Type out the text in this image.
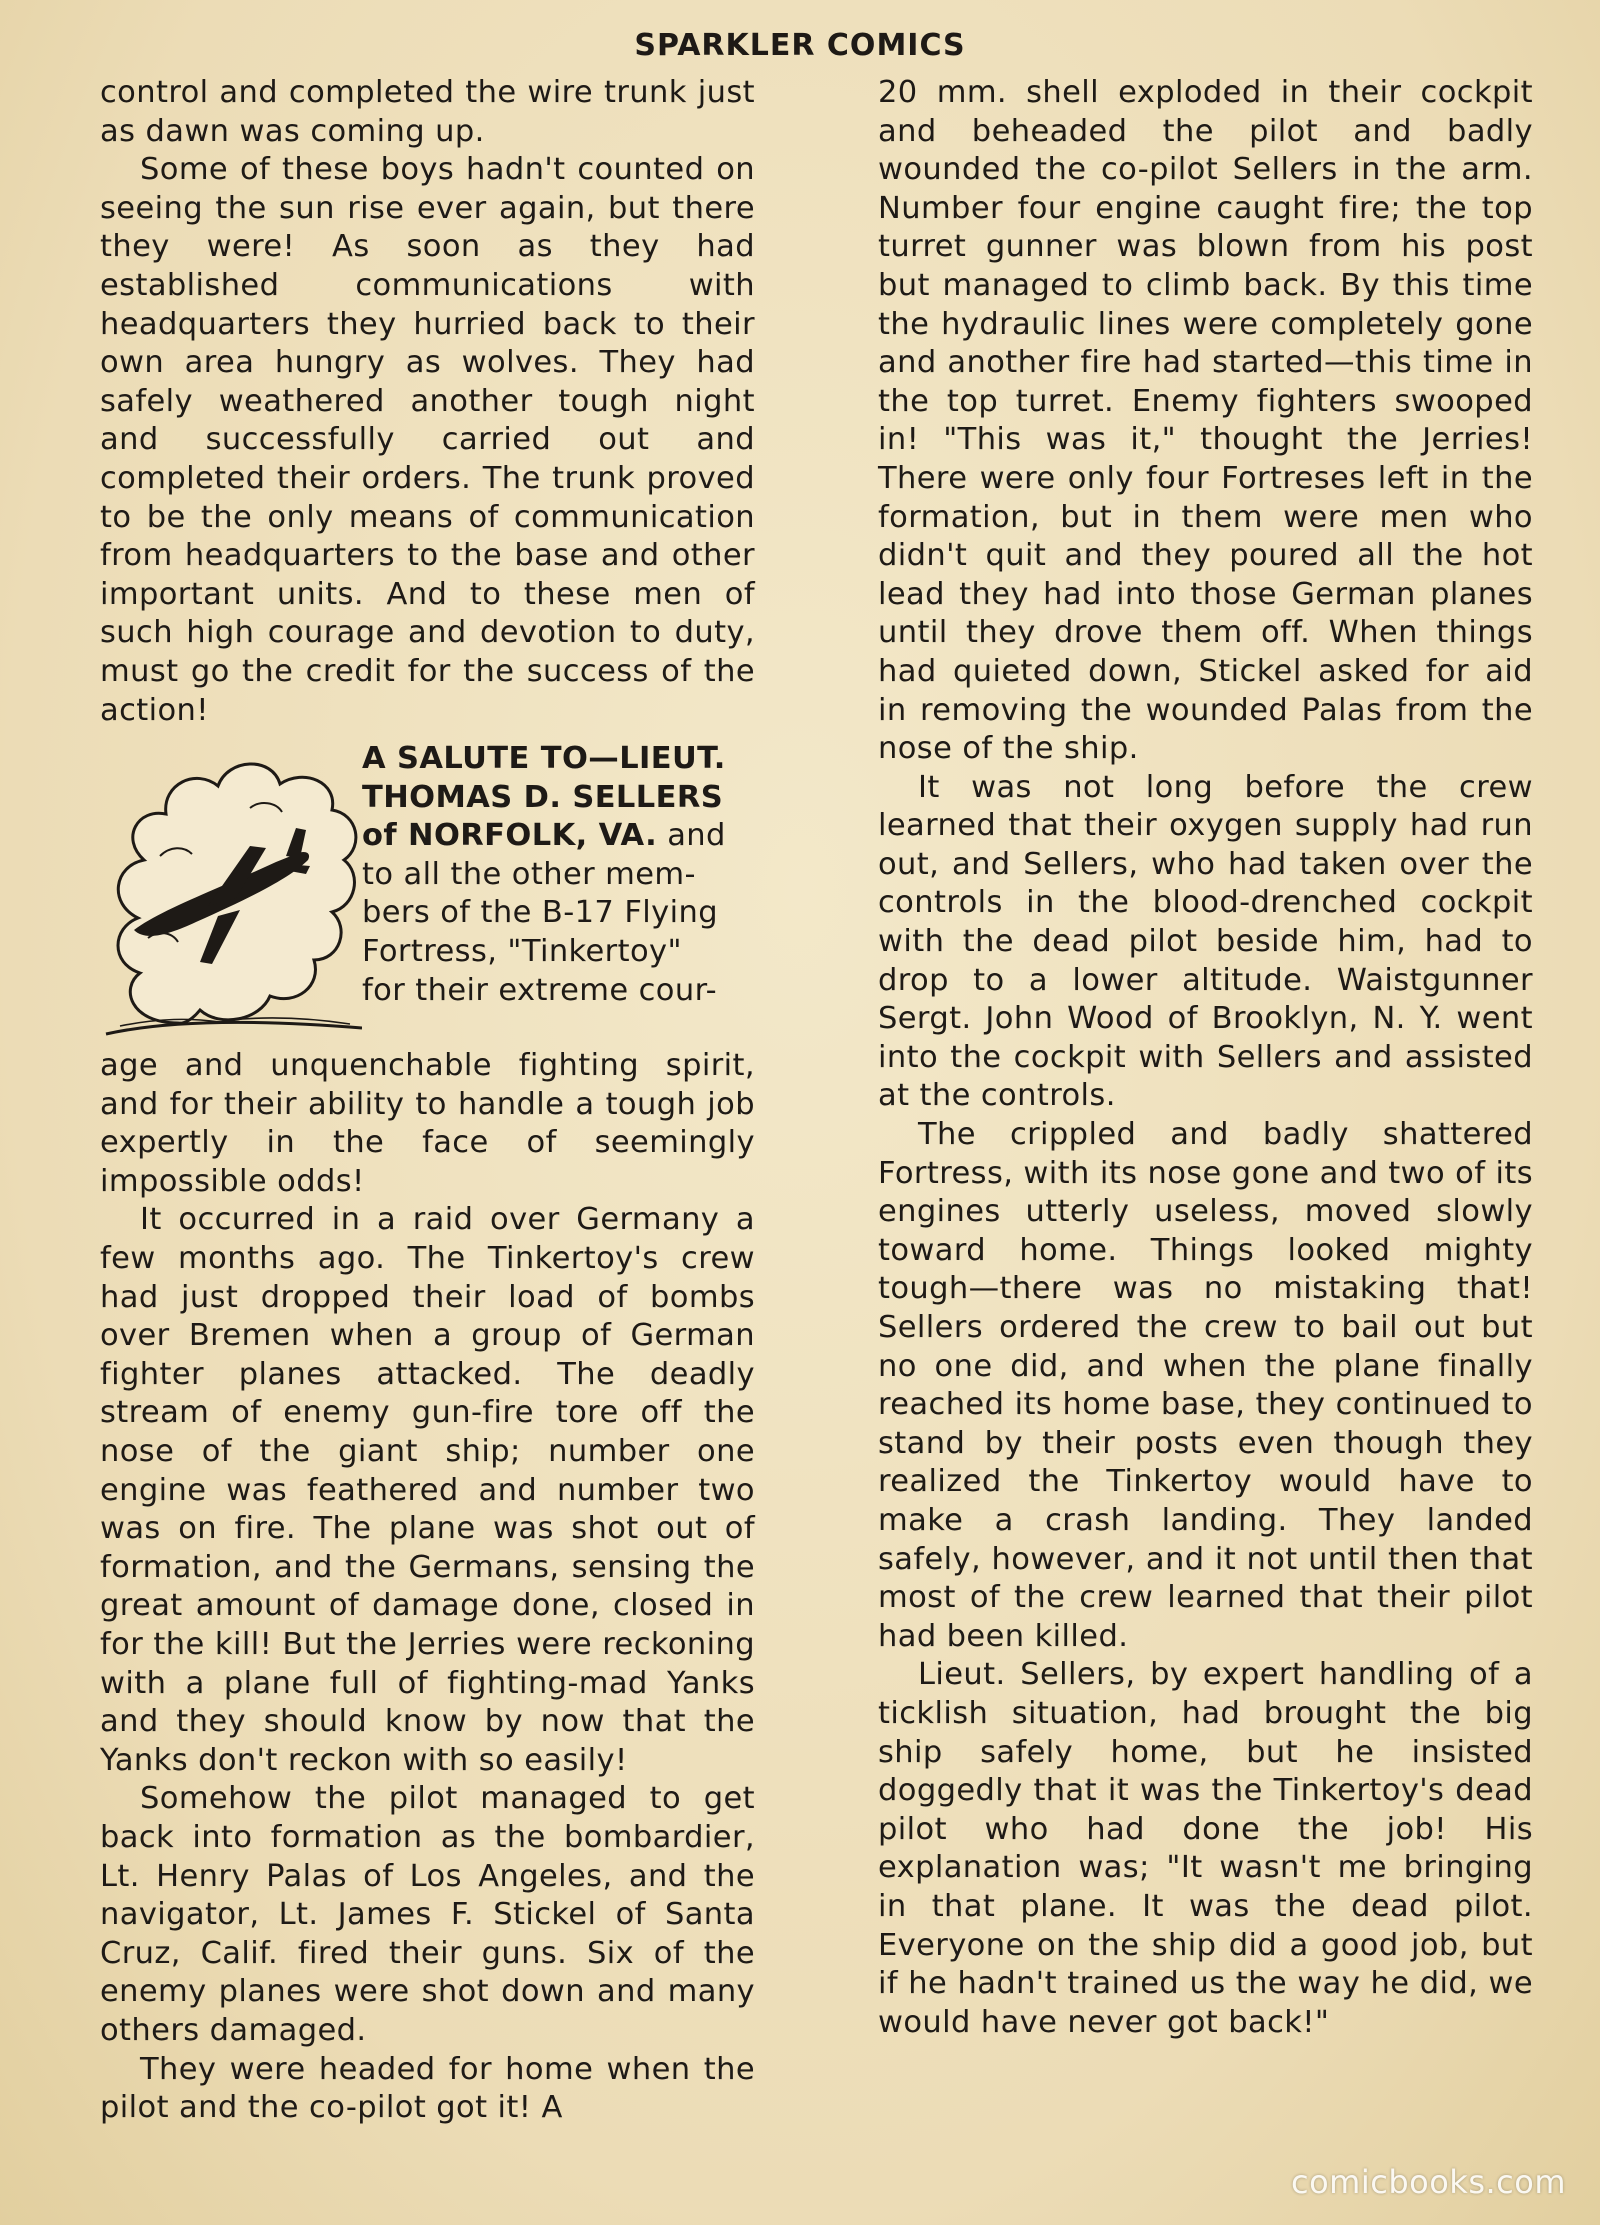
SPARKLER COMICS

control and completed the wire trunk just as dawn was coming up.

Some of these boys hadn't counted on seeing the sun rise ever again, but there they were! As soon as they had established communications with headquarters they hurried back to their own area hungry as wolves. They had safely weathered another tough night and successfully carried out and completed their orders. The trunk proved to be the only means of communication from headquarters to the base and other important units. And to these men of such high courage and devotion to duty, must go the credit for the success of the action!

A SALUTE TO—LIEUT.
THOMAS D. SELLERS
of NORFOLK, VA. and
to all the other mem-
bers of the B-17 Flying
Fortress, "Tinkertoy"
for their extreme cour-

age and unquenchable fighting spirit, and for their ability to handle a tough job expertly in the face of seemingly impossible odds!

It occurred in a raid over Germany a few months ago. The Tinkertoy's crew had just dropped their load of bombs over Bremen when a group of German fighter planes attacked. The deadly stream of enemy gun-fire tore off the nose of the giant ship; number one engine was feathered and number two was on fire. The plane was shot out of formation, and the Germans, sensing the great amount of damage done, closed in for the kill! But the Jerries were reckoning with a plane full of fighting-mad Yanks and they should know by now that the Yanks don't reckon with so easily!

Somehow the pilot managed to get back into formation as the bombardier, Lt. Henry Palas of Los Angeles, and the navigator, Lt. James F. Stickel of Santa Cruz, Calif. fired their guns. Six of the enemy planes were shot down and many others damaged.

They were headed for home when the pilot and the co-pilot got it! A

20 mm. shell exploded in their cockpit and beheaded the pilot and badly wounded the co-pilot Sellers in the arm. Number four engine caught fire; the top turret gunner was blown from his post but managed to climb back. By this time the hydraulic lines were completely gone and another fire had started—this time in the top turret. Enemy fighters swooped in! "This was it," thought the Jerries! There were only four Fortreses left in the formation, but in them were men who didn't quit and they poured all the hot lead they had into those German planes until they drove them off. When things had quieted down, Stickel asked for aid in removing the wounded Palas from the nose of the ship.

It was not long before the crew learned that their oxygen supply had run out, and Sellers, who had taken over the controls in the blood-drenched cockpit with the dead pilot beside him, had to drop to a lower altitude. Waistgunner Sergt. John Wood of Brooklyn, N. Y. went into the cockpit with Sellers and assisted at the controls.

The crippled and badly shattered Fortress, with its nose gone and two of its engines utterly useless, moved slowly toward home. Things looked mighty tough—there was no mistaking that! Sellers ordered the crew to bail out but no one did, and when the plane finally reached its home base, they continued to stand by their posts even though they realized the Tinkertoy would have to make a crash landing. They landed safely, however, and it not until then that most of the crew learned that their pilot had been killed.

Lieut. Sellers, by expert handling of a ticklish situation, had brought the big ship safely home, but he insisted doggedly that it was the Tinkertoy's dead pilot who had done the job! His explanation was; "It wasn't me bringing in that plane. It was the dead pilot. Everyone on the ship did a good job, but if he hadn't trained us the way he did, we would have never got back!"

comicbooks.com
